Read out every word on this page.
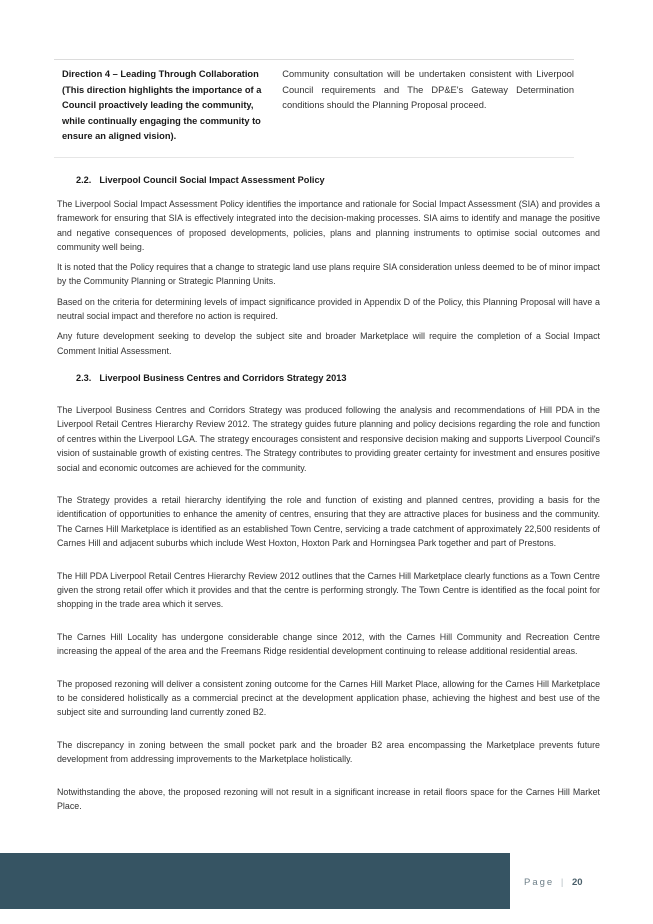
Direction 4 – Leading Through Collaboration (This direction highlights the importance of a Council proactively leading the community, while continually engaging the community to ensure an aligned vision).
Community consultation will be undertaken consistent with Liverpool Council requirements and The DP&E's Gateway Determination conditions should the Planning Proposal proceed.
2.2. Liverpool Council Social Impact Assessment Policy

The Liverpool Social Impact Assessment Policy identifies the importance and rationale for Social Impact Assessment (SIA) and provides a framework for ensuring that SIA is effectively integrated into the decision-making processes. SIA aims to identify and manage the positive and negative consequences of proposed developments, policies, plans and planning instruments to optimise social outcomes and community well being.

It is noted that the Policy requires that a change to strategic land use plans require SIA consideration unless deemed to be of minor impact by the Community Planning or Strategic Planning Units.

Based on the criteria for determining levels of impact significance provided in Appendix D of the Policy, this Planning Proposal will have a neutral social impact and therefore no action is required.

Any future development seeking to develop the subject site and broader Marketplace will require the completion of a Social Impact Comment Initial Assessment.

2.3. Liverpool Business Centres and Corridors Strategy 2013

The Liverpool Business Centres and Corridors Strategy was produced following the analysis and recommendations of Hill PDA in the Liverpool Retail Centres Hierarchy Review 2012. The strategy guides future planning and policy decisions regarding the role and function of centres within the Liverpool LGA. The strategy encourages consistent and responsive decision making and supports Liverpool Council's vision of sustainable growth of existing centres. The Strategy contributes to providing greater certainty for investment and ensures positive social and economic outcomes are achieved for the community.

The Strategy provides a retail hierarchy identifying the role and function of existing and planned centres, providing a basis for the identification of opportunities to enhance the amenity of centres, ensuring that they are attractive places for business and the community. The Carnes Hill Marketplace is identified as an established Town Centre, servicing a trade catchment of approximately 22,500 residents of Carnes Hill and adjacent suburbs which include West Hoxton, Hoxton Park and Horningsea Park together and part of Prestons.

The Hill PDA Liverpool Retail Centres Hierarchy Review 2012 outlines that the Carnes Hill Marketplace clearly functions as a Town Centre given the strong retail offer which it provides and that the centre is performing strongly. The Town Centre is identified as the focal point for shopping in the trade area which it serves.

The Carnes Hill Locality has undergone considerable change since 2012, with the Carnes Hill Community and Recreation Centre increasing the appeal of the area and the Freemans Ridge residential development continuing to release additional residential areas.

The proposed rezoning will deliver a consistent zoning outcome for the Carnes Hill Market Place, allowing for the Carnes Hill Marketplace to be considered holistically as a commercial precinct at the development application phase, achieving the highest and best use of the subject site and surrounding land currently zoned B2.

The discrepancy in zoning between the small pocket park and the broader B2 area encompassing the Marketplace prevents future development from addressing improvements to the Marketplace holistically.

Notwithstanding the above, the proposed rezoning will not result in a significant increase in retail floors space for the Carnes Hill Market Place.

Page | 20
